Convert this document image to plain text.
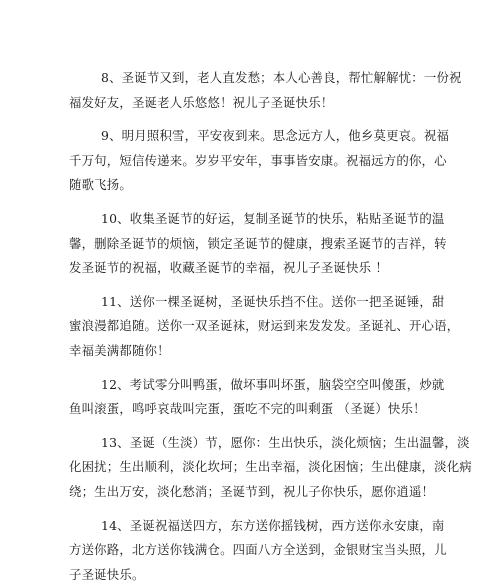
8、圣诞节又到，老人直发愁；本人心善良，帮忙解解忧：一份祝
福发好友，圣诞老人乐悠悠！祝儿子圣诞快乐！

9、明月照积雪，平安夜到来。思念远方人，他乡莫更哀。祝福
千万句，短信传递来。岁岁平安年，事事皆安康。祝福远方的你，心
随歌飞扬。

10、收集圣诞节的好运，复制圣诞节的快乐，粘贴圣诞节的温
馨，删除圣诞节的烦恼，锁定圣诞节的健康，搜索圣诞节的吉祥，转
发圣诞节的祝福，收藏圣诞节的幸福，祝儿子圣诞快乐 ！

11、送你一棵圣诞树，圣诞快乐挡不住。送你一把圣诞锤，甜
蜜浪漫都追随。送你一双圣诞袜，财运到来发发发。圣诞礼、开心语，
幸福美满都随你！

12、考试零分叫鸭蛋，做坏事叫坏蛋，脑袋空空叫傻蛋，炒就
鱼叫滚蛋，鸣呼哀哉叫完蛋，蛋吃不完的叫剩蛋 （圣诞）快乐！

13、圣诞（生淡）节，愿你：生出快乐，淡化烦恼；生出温馨，淡
化困扰；生出顺利，淡化坎坷；生出幸福，淡化困恼；生出健康，淡化病
绕；生出万安，淡化愁消；圣诞节到，祝儿子你快乐，愿你逍遥！

14、圣诞祝福送四方，东方送你摇钱树，西方送你永安康，南
方送你路，北方送你钱满仓。四面八方全送到，金银财宝当头照，儿
子圣诞快乐。
